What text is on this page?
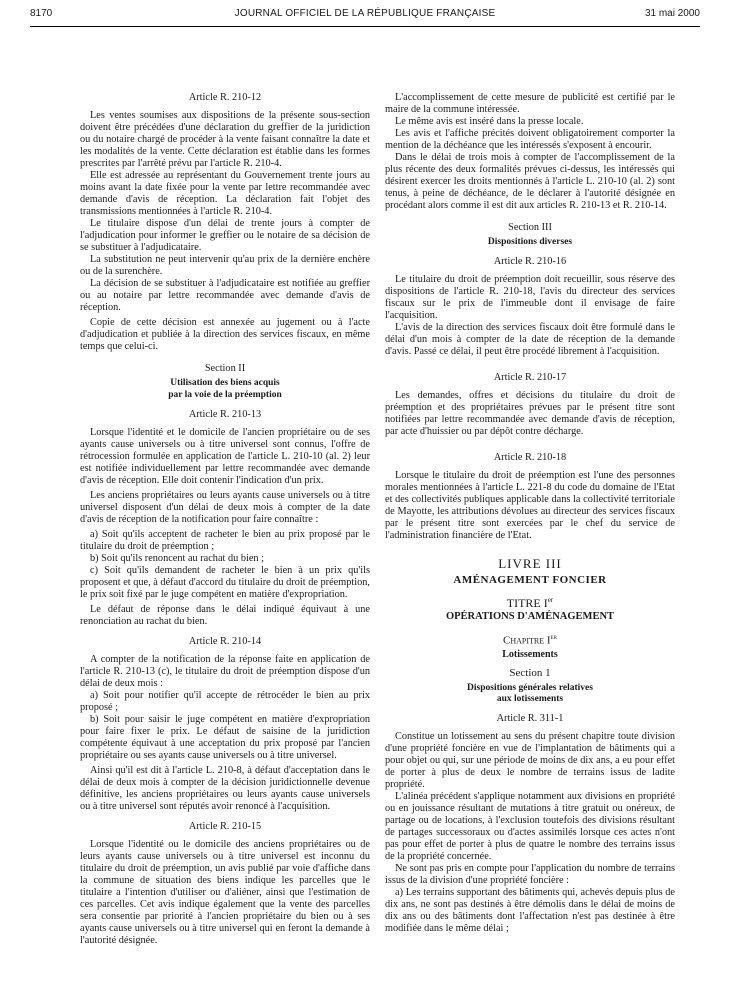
8170	JOURNAL OFFICIEL DE LA RÉPUBLIQUE FRANÇAISE	31 mai 2000

Article R. 210-12

Les ventes soumises aux dispositions de la présente sous-section doivent être précédées d'une déclaration du greffier de la juridiction ou du notaire chargé de procéder à la vente faisant connaître la date et les modalités de la vente. Cette déclaration est établie dans les formes prescrites par l'arrêté prévu par l'article R. 210-4.

Elle est adressée au représentant du Gouvernement trente jours au moins avant la date fixée pour la vente par lettre recommandée avec demande d'avis de réception. La déclaration fait l'objet des transmissions mentionnées à l'article R. 210-4.

Le titulaire dispose d'un délai de trente jours à compter de l'adjudication pour informer le greffier ou le notaire de sa décision de se substituer à l'adjudicataire.

La substitution ne peut intervenir qu'au prix de la dernière enchère ou de la surenchère.

La décision de se substituer à l'adjudicataire est notifiée au greffier ou au notaire par lettre recommandée avec demande d'avis de réception.

Copie de cette décision est annexée au jugement ou à l'acte d'adjudication et publiée à la direction des services fiscaux, en même temps que celui-ci.

Section II

Utilisation des biens acquis

par la voie de la préemption

Article R. 210-13

Lorsque l'identité et le domicile de l'ancien propriétaire ou de ses ayants cause universels ou à titre universel sont connus, l'offre de rétrocession formulée en application de l'article L. 210-10 (al. 2) leur est notifiée individuellement par lettre recommandée avec demande d'avis de réception. Elle doit contenir l'indication d'un prix.

Les anciens propriétaires ou leurs ayants cause universels ou à titre universel disposent d'un délai de deux mois à compter de la date d'avis de réception de la notification pour faire connaître :

a) Soit qu'ils acceptent de racheter le bien au prix proposé par le titulaire du droit de préemption ;

b) Soit qu'ils renoncent au rachat du bien ;

c) Soit qu'ils demandent de racheter le bien à un prix qu'ils proposent et que, à défaut d'accord du titulaire du droit de préemption, le prix soit fixé par le juge compétent en matière d'expropriation.

Le défaut de réponse dans le délai indiqué équivaut à une renonciation au rachat du bien.

Article R. 210-14

A compter de la notification de la réponse faite en application de l'article R. 210-13 (c), le titulaire du droit de préemption dispose d'un délai de deux mois :

a) Soit pour notifier qu'il accepte de rétrocéder le bien au prix proposé ;

b) Soit pour saisir le juge compétent en matière d'expropriation pour faire fixer le prix. Le défaut de saisine de la juridiction compétente équivaut à une acceptation du prix proposé par l'ancien propriétaire ou ses ayants cause universels ou à titre universel.

Ainsi qu'il est dit à l'article L. 210-8, à défaut d'acceptation dans le délai de deux mois à compter de la décision juridictionnelle devenue définitive, les anciens propriétaires ou leurs ayants cause universels ou à titre universel sont réputés avoir renoncé à l'acquisition.

Article R. 210-15

Lorsque l'identité ou le domicile des anciens propriétaires ou de leurs ayants cause universels ou à titre universel est inconnu du titulaire du droit de préemption, un avis publié par voie d'affiche dans la commune de situation des biens indique les parcelles que le titulaire a l'intention d'utiliser ou d'aliéner, ainsi que l'estimation de ces parcelles. Cet avis indique également que la vente des parcelles sera consentie par priorité à l'ancien propriétaire du bien ou à ses ayants cause universels ou à titre universel qui en feront la demande à l'autorité désignée.

L'accomplissement de cette mesure de publicité est certifié par le maire de la commune intéressée.

Le même avis est inséré dans la presse locale.

Les avis et l'affiche précités doivent obligatoirement comporter la mention de la déchéance que les intéressés s'exposent à encourir.

Dans le délai de trois mois à compter de l'accomplissement de la plus récente des deux formalités prévues ci-dessus, les intéressés qui désirent exercer les droits mentionnés à l'article L. 210-10 (al. 2) sont tenus, à peine de déchéance, de le déclarer à l'autorité désignée en procédant alors comme il est dit aux articles R. 210-13 et R. 210-14.

Section III

Dispositions diverses

Article R. 210-16

Le titulaire du droit de préemption doit recueillir, sous réserve des dispositions de l'article R. 210-18, l'avis du directeur des services fiscaux sur le prix de l'immeuble dont il envisage de faire l'acquisition.

L'avis de la direction des services fiscaux doit être formulé dans le délai d'un mois à compter de la date de réception de la demande d'avis. Passé ce délai, il peut être procédé librement à l'acquisition.

Article R. 210-17

Les demandes, offres et décisions du titulaire du droit de préemption et des propriétaires prévues par le présent titre sont notifiées par lettre recommandée avec demande d'avis de réception, par acte d'huissier ou par dépôt contre décharge.

Article R. 210-18

Lorsque le titulaire du droit de préemption est l'une des personnes morales mentionnées à l'article L. 221-8 du code du domaine de l'Etat et des collectivités publiques applicable dans la collectivité territoriale de Mayotte, les attributions dévolues au directeur des services fiscaux par le présent titre sont exercées par le chef du service de l'administration financière de l'Etat.

LIVRE III

AMÉNAGEMENT FONCIER

TITRE Ier

OPÉRATIONS D'AMÉNAGEMENT

Chapitre Ier

Lotissements

Section 1

Dispositions générales relatives

aux lotissements

Article R. 311-1

Constitue un lotissement au sens du présent chapitre toute division d'une propriété foncière en vue de l'implantation de bâtiments qui a pour objet ou qui, sur une période de moins de dix ans, a eu pour effet de porter à plus de deux le nombre de terrains issus de ladite propriété.

L'alinéa précédent s'applique notamment aux divisions en propriété ou en jouissance résultant de mutations à titre gratuit ou onéreux, de partage ou de locations, à l'exclusion toutefois des divisions résultant de partages successoraux ou d'actes assimilés lorsque ces actes n'ont pas pour effet de porter à plus de quatre le nombre des terrains issus de la propriété concernée.

Ne sont pas pris en compte pour l'application du nombre de terrains issus de la division d'une propriété foncière :

a) Les terrains supportant des bâtiments qui, achevés depuis plus de dix ans, ne sont pas destinés à être démolis dans le délai de moins de dix ans ou des bâtiments dont l'affectation n'est pas destinée à être modifiée dans le même délai ;
